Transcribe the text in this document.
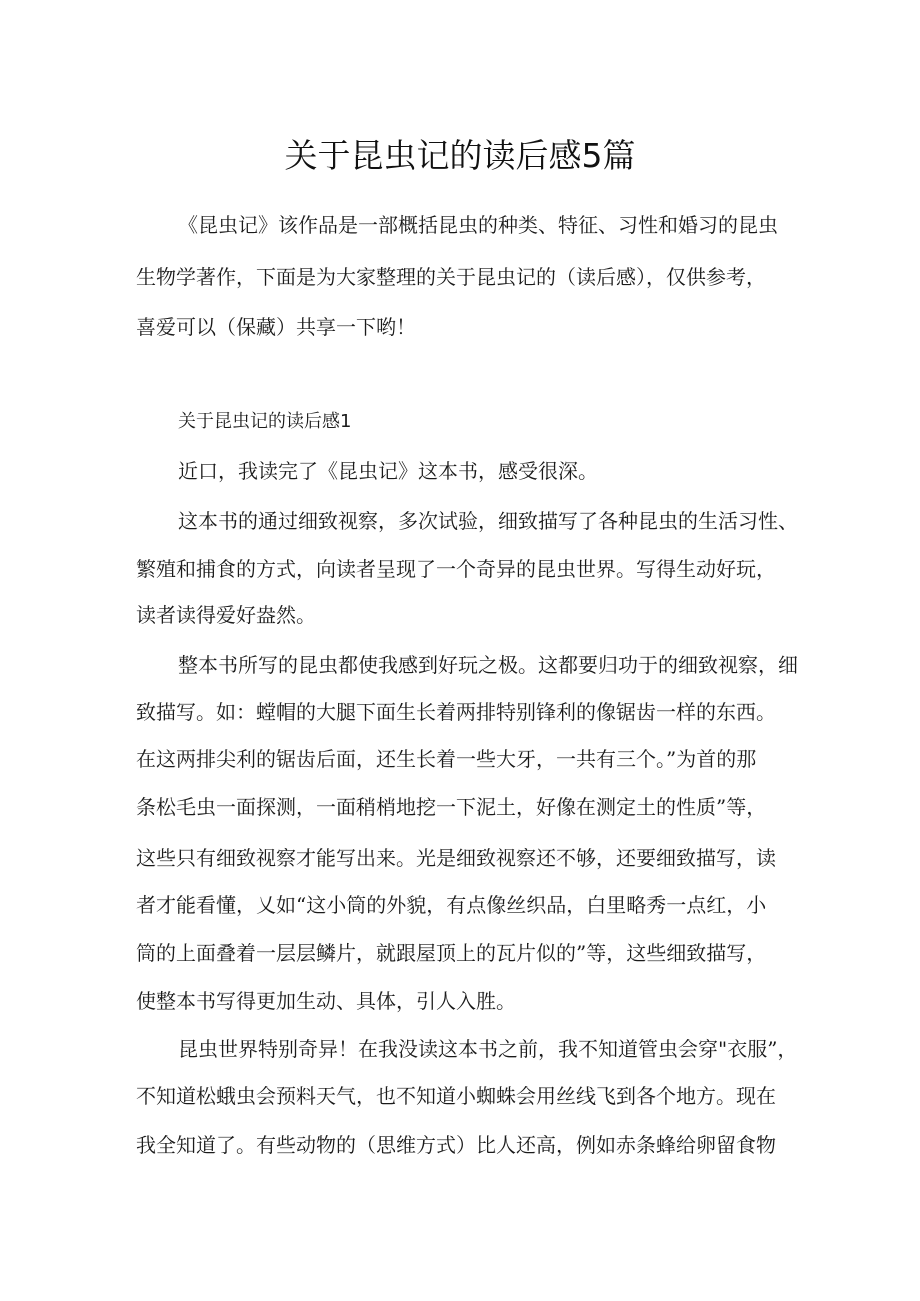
关于昆虫记的读后感5篇
《昆虫记》该作品是一部概括昆虫的种类、特征、习性和婚习的昆虫
生物学著作，下面是为大家整理的关于昆虫记的（读后感），仅供参考，
喜爱可以（保藏）共享一下哟！
关于昆虫记的读后感1
近口，我读完了《昆虫记》这本书，感受很深。
这本书的通过细致视察，多次试验，细致描写了各种昆虫的生活习性、
繁殖和捕食的方式，向读者呈现了一个奇异的昆虫世界。写得生动好玩，
读者读得爱好盎然。
整本书所写的昆虫都使我感到好玩之极。这都要归功于的细致视察，细
致描写。如：螳帽的大腿下面生长着两排特别锋利的像锯齿一样的东西。
在这两排尖利的锯齿后面，还生长着一些大牙，一共有三个。”为首的那
条松毛虫一面探测，一面稍梢地挖一下泥土，好像在测定土的性质”等，
这些只有细致视察才能写出来。光是细致视察还不够，还要细致描写，读
者才能看懂，乂如“这小筒的外貌，有点像丝织品，白里略秀一点红，小
筒的上面叠着一层层鳞片，就跟屋顶上的瓦片似的”等，这些细致描写，
使整本书写得更加生动、具体，引人入胜。
昆虫世界特别奇异！在我没读这本书之前，我不知道管虫会穿"衣服”，
不知道松蛾虫会预料天气，也不知道小蜘蛛会用丝线飞到各个地方。现在
我全知道了。有些动物的（思维方式）比人还高，例如赤条蜂给卵留食物
